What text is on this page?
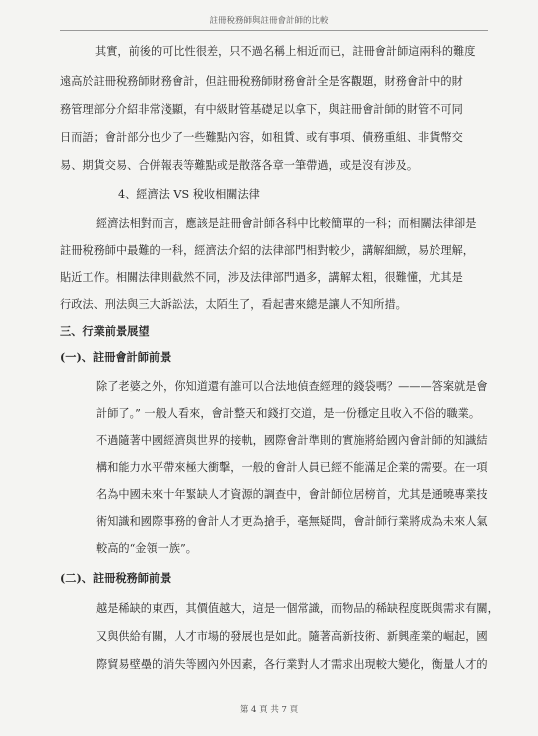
註冊稅務師與註冊會計師的比較
其實，前後的可比性很差，只不過名稱上相近而已，註冊會計師這兩科的難度
遠高於註冊稅務師財務會計，但註冊稅務師財務會計全是客觀題，財務會計中的財
務管理部分介紹非常淺顯，有中級財管基礎足以拿下，與註冊會計師的財管不可同
日而語；會計部分也少了一些難點內容，如租賃、或有事項、債務重組、非貨幣交
易、期貨交易、合併報表等難點或是散落各章一筆帶過，或是沒有涉及。
4、經濟法 VS 稅收相關法律
經濟法相對而言，應該是註冊會計師各科中比較簡單的一科；而相關法律卻是
註冊稅務師中最難的一科，經濟法介紹的法律部門相對較少，講解細緻，易於理解，
貼近工作。相關法律則截然不同，涉及法律部門過多，講解太粗，很難懂，尤其是
行政法、刑法與三大訴訟法，太陌生了，看起書來總是讓人不知所措。
三、行業前景展望
(一)、註冊會計師前景
除了老婆之外，你知道還有誰可以合法地偵查經理的錢袋嗎？———答案就是會
計師了。” 一般人看來，會計整天和錢打交道，是一份穩定且收入不俗的職業。
不過隨著中國經濟與世界的接軌，國際會計準則的實施將給國內會計師的知識結
構和能力水平帶來極大衝擊，一般的會計人員已經不能滿足企業的需要。在一項
名為中國未來十年緊缺人才資源的調查中，會計師位居榜首，尤其是通曉專業技
術知識和國際事務的會計人才更為搶手，毫無疑問，會計師行業將成為未來人氣
較高的“金領一族”。
(二)、註冊稅務師前景
越是稀缺的東西，其價值越大，這是一個常識，而物品的稀缺程度既與需求有關，
又與供給有關，人才市場的發展也是如此。隨著高新技術、新興產業的崛起，國
際貿易壁壘的消失等國內外因素，各行業對人才需求出現較大變化，衡量人才的
第 4 頁 共 7 頁
